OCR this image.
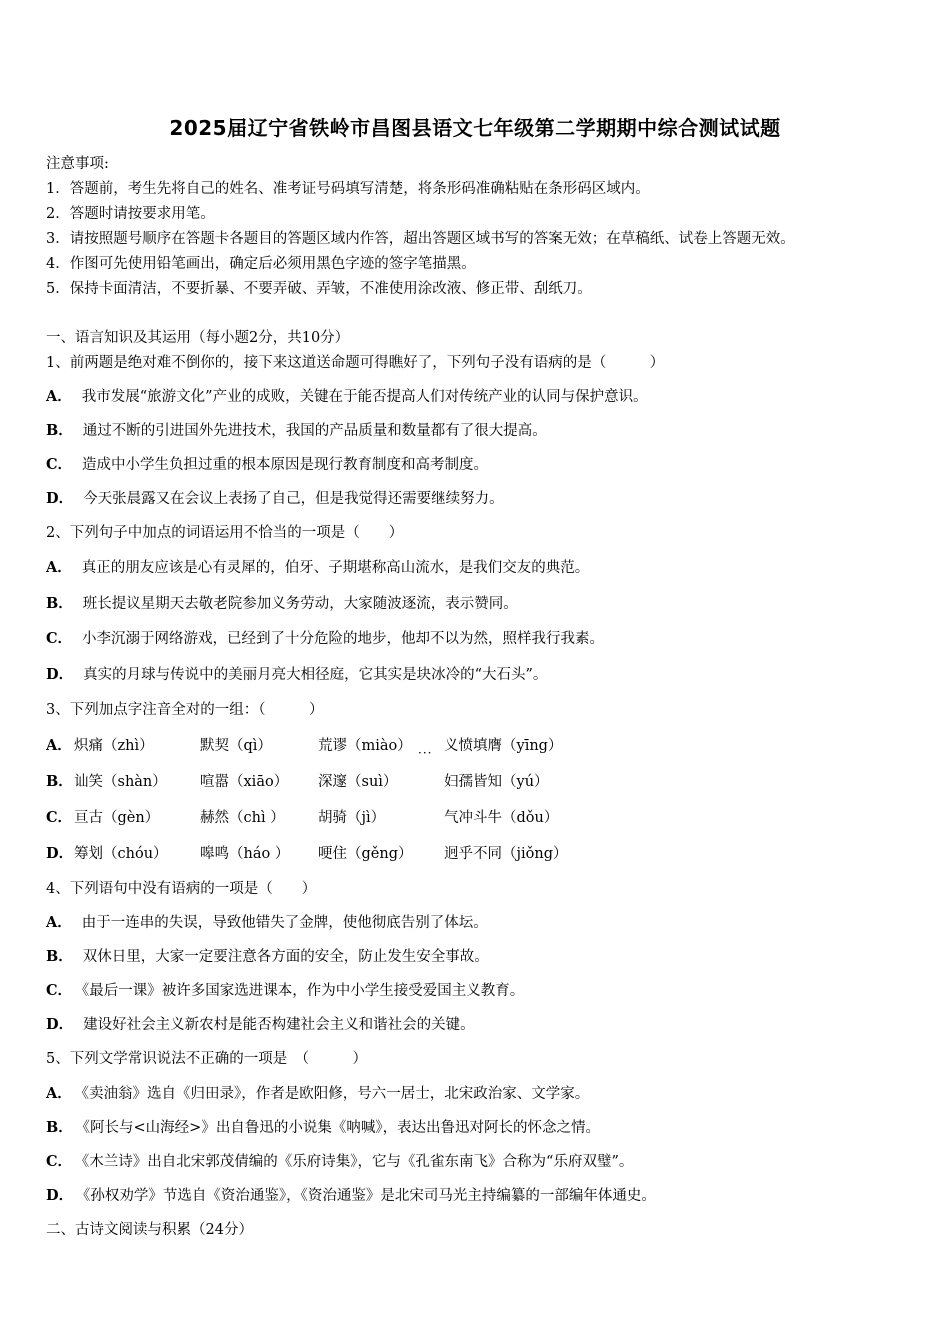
2025届辽宁省铁岭市昌图县语文七年级第二学期期中综合测试试题
注意事项:
1．答题前，考生先将自己的姓名、准考证号码填写清楚，将条形码准确粘贴在条形码区域内。
2．答题时请按要求用笔。
3．请按照题号顺序在答题卡各题目的答题区域内作答，超出答题区域书写的答案无效；在草稿纸、试卷上答题无效。
4．作图可先使用铅笔画出，确定后必须用黑色字迹的签字笔描黑。
5．保持卡面清洁，不要折暴、不要弄破、弄皱，不准使用涂改液、修正带、刮纸刀。
一、语言知识及其运用（每小题2分，共10分）
1、前两题是绝对难不倒你的，接下来这道送命题可得瞧好了，下列句子没有语病的是（　　　）
A． 我市发展“旅游文化”产业的成败，关键在于能否提高人们对传统产业的认同与保护意识。
B． 通过不断的引进国外先进技术，我国的产品质量和数量都有了很大提高。
C． 造成中小学生负担过重的根本原因是现行教育制度和高考制度。
D． 今天张晨露又在会议上表扬了自己，但是我觉得还需要继续努力。
2、下列句子中加点的词语运用不恰当的一项是（　　）
A． 真正的朋友应该是心有灵犀的，伯牙、子期堪称高山流水，是我们交友的典范。
B． 班长提议星期天去敬老院参加义务劳动，大家随波逐流，表示赞同。
C． 小李沉溺于网络游戏，已经到了十分危险的地步，他却不以为然，照样我行我素。
D． 真实的月球与传说中的美丽月亮大相径庭，它其实是块冰冷的“大石头”。
3、下列加点字注音全对的一组：（　　　）
A． 炽痛（zhì）	默契（qì）	荒谬（miào） 义愤填膺（yīng）
···
B． 讪笑（shàn） 喧嚣（xiāo） 深邃（suì）	妇孺皆知（yú）
C． 亘古（gèn）	赫然（chì ） 胡骑（jì）	气冲斗牛（dǒu）
D． 筹划（chóu） 嗥鸣（háo ） 哽住（gěng） 迥乎不同（jiǒng）
4、下列语句中没有语病的一项是（　　）
A． 由于一连串的失误，导致他错失了金牌，使他彻底告别了体坛。
B． 双休日里，大家一定要注意各方面的安全，防止发生安全事故。
C． 《最后一课》被许多国家选进课本，作为中小学生接受爱国主义教育。
D． 建设好社会主义新农村是能否构建社会主义和谐社会的关键。
5、下列文学常识说法不正确的一项是　（　　　）
A． 《卖油翁》选自《归田录》，作者是欧阳修，号六一居士，北宋政治家、文学家。
B． 《阿长与<山海经>》出自鲁迅的小说集《呐喊》，表达出鲁迅对阿长的怀念之情。
C． 《木兰诗》出自北宋郭茂倩编的《乐府诗集》，它与《孔雀东南飞》合称为“乐府双璧”。
D． 《孙权劝学》节选自《资治通鉴》，《资治通鉴》是北宋司马光主持编纂的一部编年体通史。
二、古诗文阅读与积累（24分）
